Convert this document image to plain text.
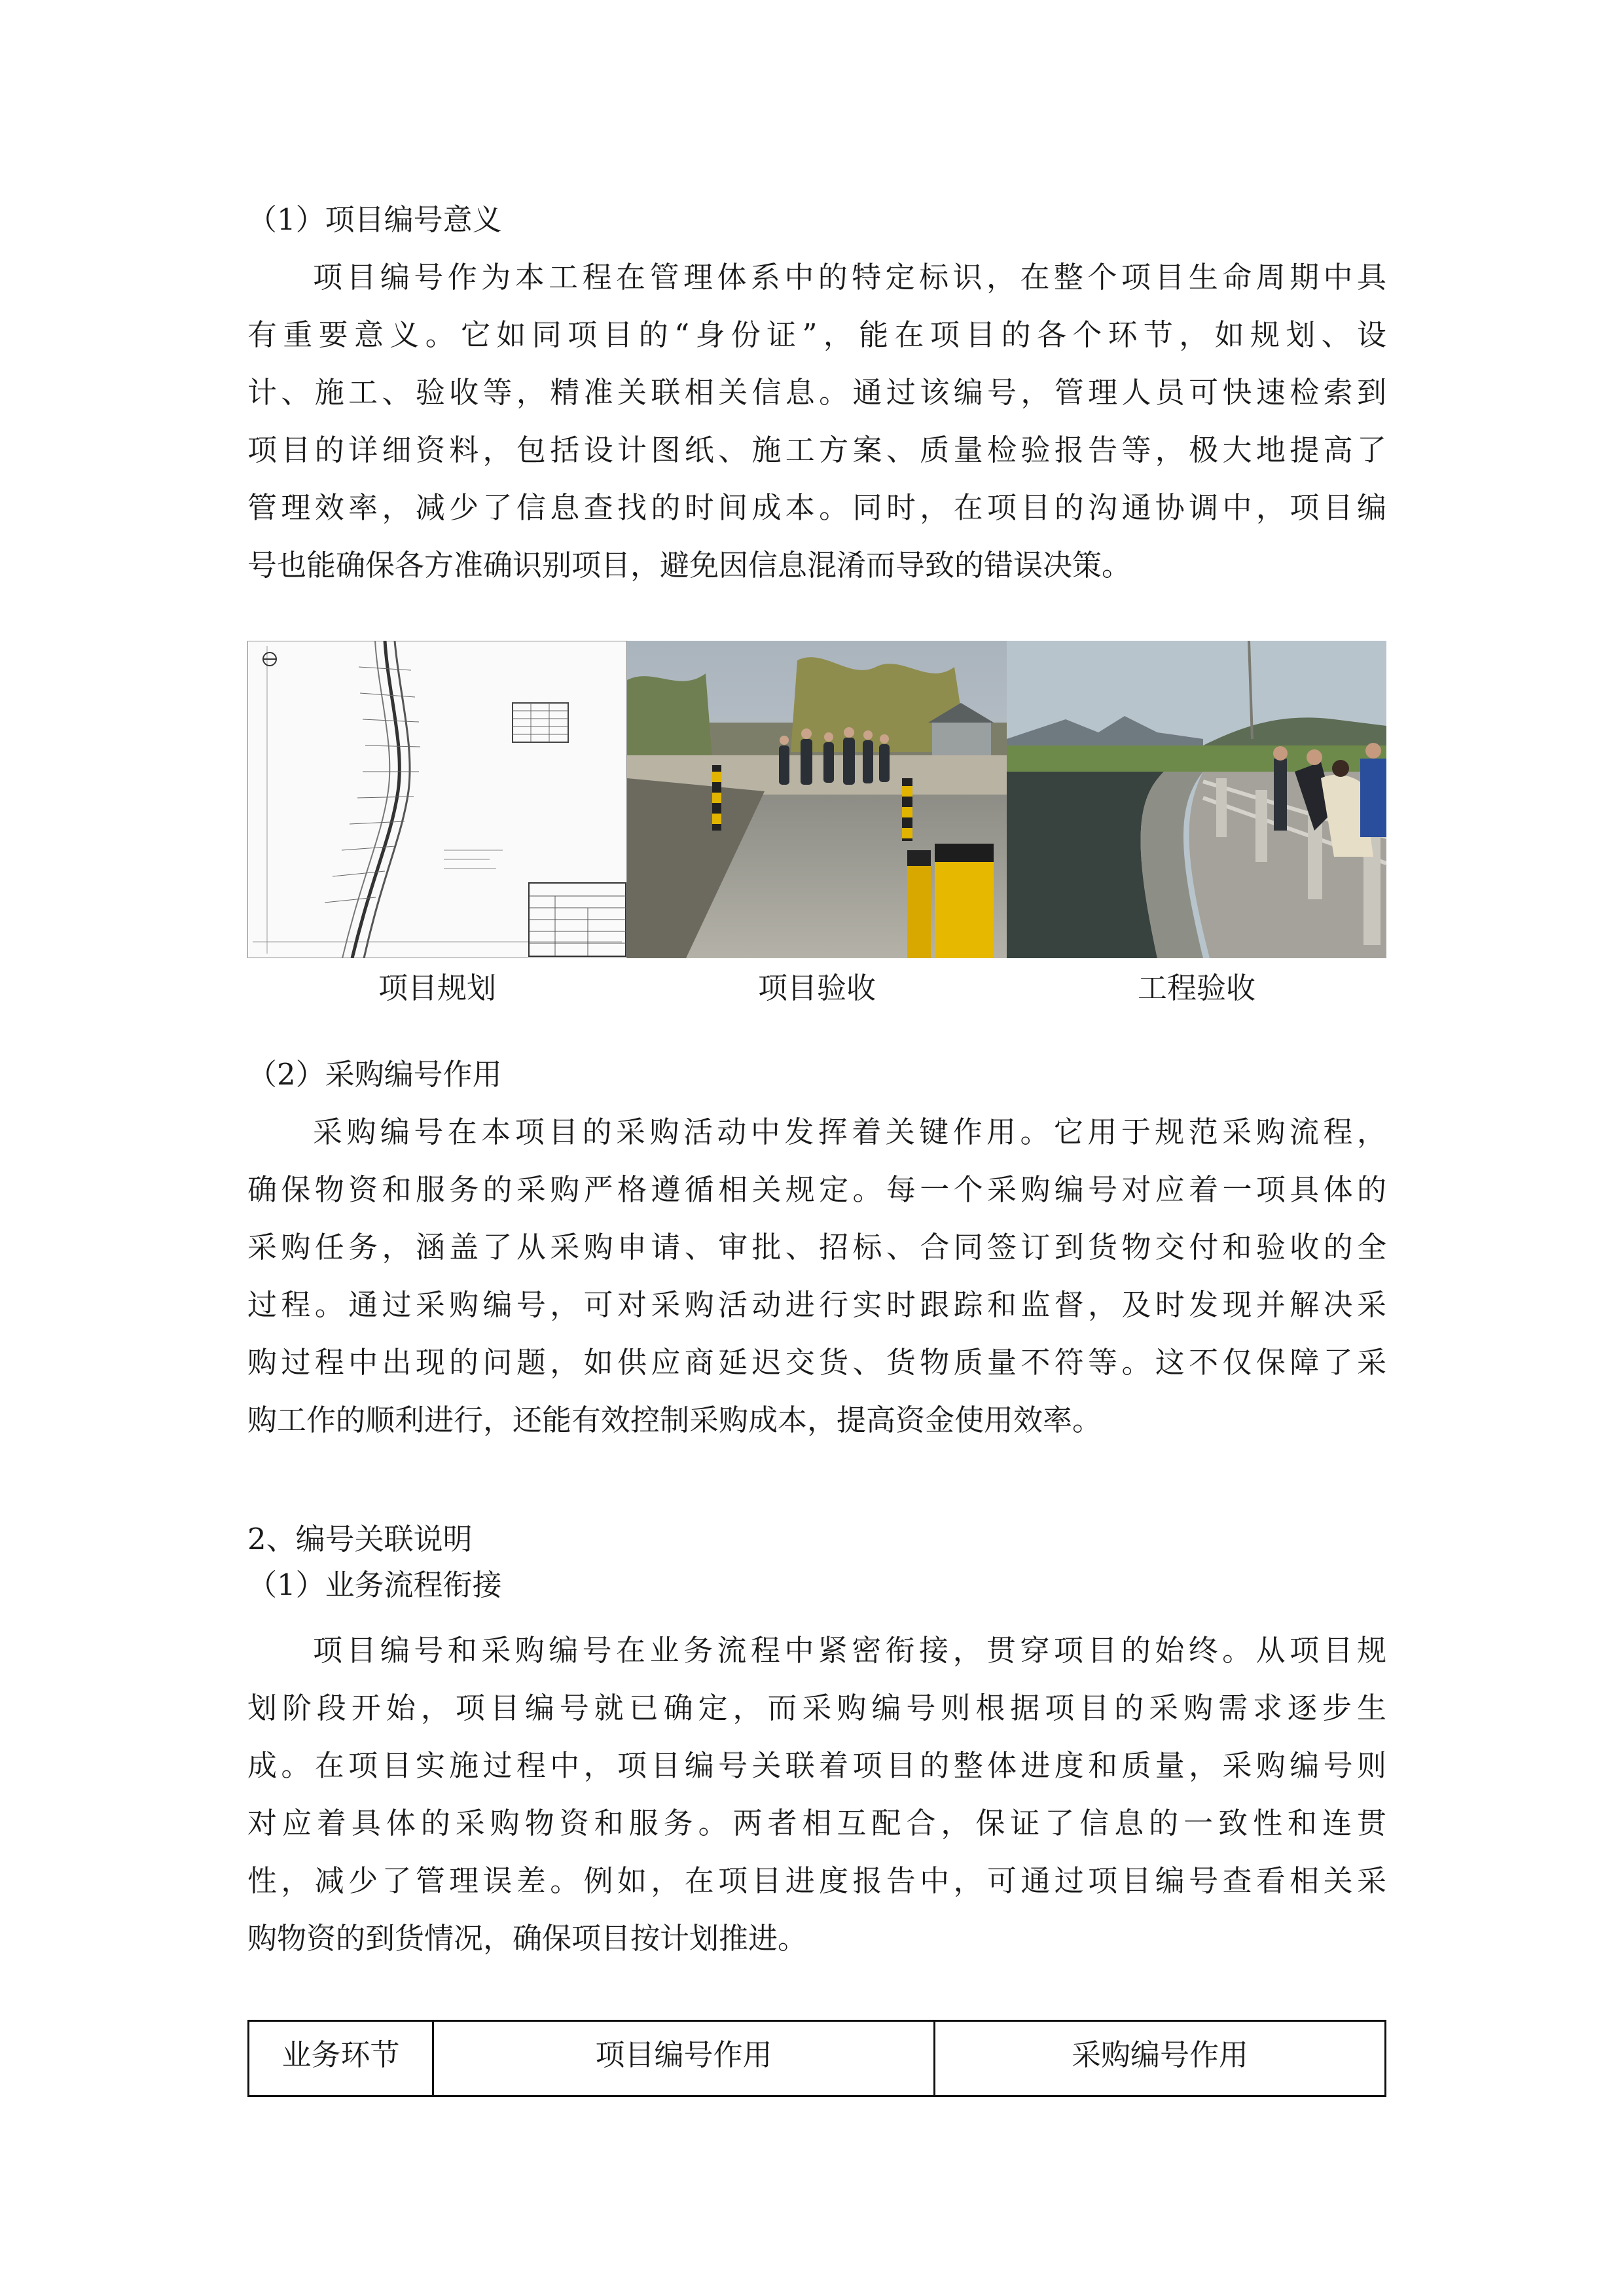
（1）项目编号意义
项目编号作为本工程在管理体系中的特定标识，在整个项目生命周期中具
有重要意义。它如同项目的“身份证”，能在项目的各个环节，如规划、设
计、施工、验收等，精准关联相关信息。通过该编号，管理人员可快速检索到
项目的详细资料，包括设计图纸、施工方案、质量检验报告等，极大地提高了
管理效率，减少了信息查找的时间成本。同时，在项目的沟通协调中，项目编
号也能确保各方准确识别项目，避免因信息混淆而导致的错误决策。
项目规划	项目验收	工程验收
（2）采购编号作用
采购编号在本项目的采购活动中发挥着关键作用。它用于规范采购流程，
确保物资和服务的采购严格遵循相关规定。每一个采购编号对应着一项具体的
采购任务，涵盖了从采购申请、审批、招标、合同签订到货物交付和验收的全
过程。通过采购编号，可对采购活动进行实时跟踪和监督，及时发现并解决采
购过程中出现的问题，如供应商延迟交货、货物质量不符等。这不仅保障了采
购工作的顺利进行，还能有效控制采购成本，提高资金使用效率。
2、编号关联说明
（1）业务流程衔接
项目编号和采购编号在业务流程中紧密衔接，贯穿项目的始终。从项目规
划阶段开始，项目编号就已确定，而采购编号则根据项目的采购需求逐步生
成。在项目实施过程中，项目编号关联着项目的整体进度和质量，采购编号则
对应着具体的采购物资和服务。两者相互配合，保证了信息的一致性和连贯
性，减少了管理误差。例如，在项目进度报告中，可通过项目编号查看相关采
购物资的到货情况，确保项目按计划推进。
业务环节	项目编号作用	采购编号作用
